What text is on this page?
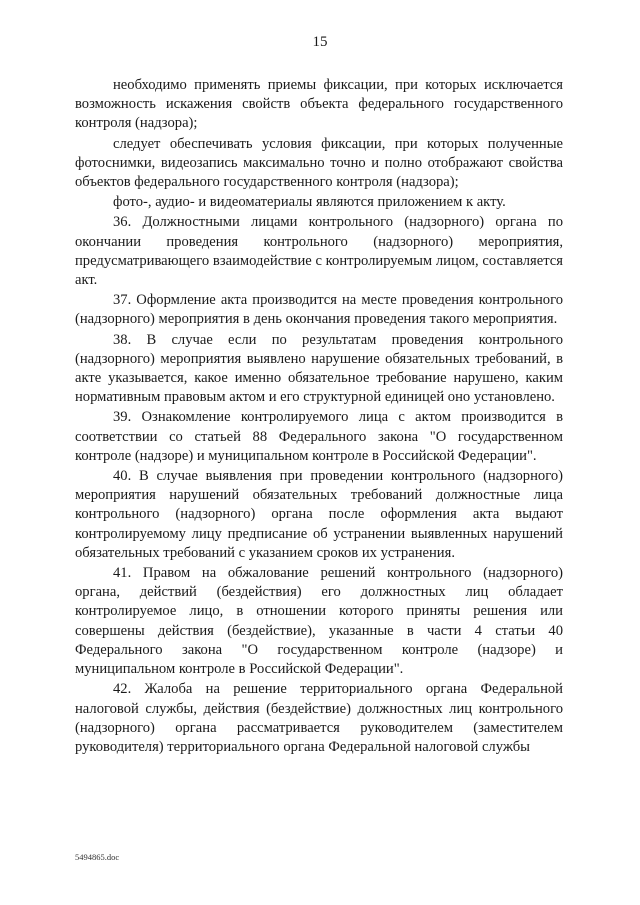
15

необходимо применять приемы фиксации, при которых исключается возможность искажения свойств объекта федерального государственного контроля (надзора);

следует обеспечивать условия фиксации, при которых полученные фотоснимки, видеозапись максимально точно и полно отображают свойства объектов федерального государственного контроля (надзора);

фото-, аудио- и видеоматериалы являются приложением к акту.

36. Должностными лицами контрольного (надзорного) органа по окончании проведения контрольного (надзорного) мероприятия, предусматривающего взаимодействие с контролируемым лицом, составляется акт.

37. Оформление акта производится на месте проведения контрольного (надзорного) мероприятия в день окончания проведения такого мероприятия.

38. В случае если по результатам проведения контрольного (надзорного) мероприятия выявлено нарушение обязательных требований, в акте указывается, какое именно обязательное требование нарушено, каким нормативным правовым актом и его структурной единицей оно установлено.

39. Ознакомление контролируемого лица с актом производится в соответствии со статьей 88 Федерального закона "О государственном контроле (надзоре) и муниципальном контроле в Российской Федерации".

40. В случае выявления при проведении контрольного (надзорного) мероприятия нарушений обязательных требований должностные лица контрольного (надзорного) органа после оформления акта выдают контролируемому лицу предписание об устранении выявленных нарушений обязательных требований с указанием сроков их устранения.

41. Правом на обжалование решений контрольного (надзорного) органа, действий (бездействия) его должностных лиц обладает контролируемое лицо, в отношении которого приняты решения или совершены действия (бездействие), указанные в части 4 статьи 40 Федерального закона "О государственном контроле (надзоре) и муниципальном контроле в Российской Федерации".

42. Жалоба на решение территориального органа Федеральной налоговой службы, действия (бездействие) должностных лиц контрольного (надзорного) органа рассматривается руководителем (заместителем руководителя) территориального органа Федеральной налоговой службы

5494865.doc
